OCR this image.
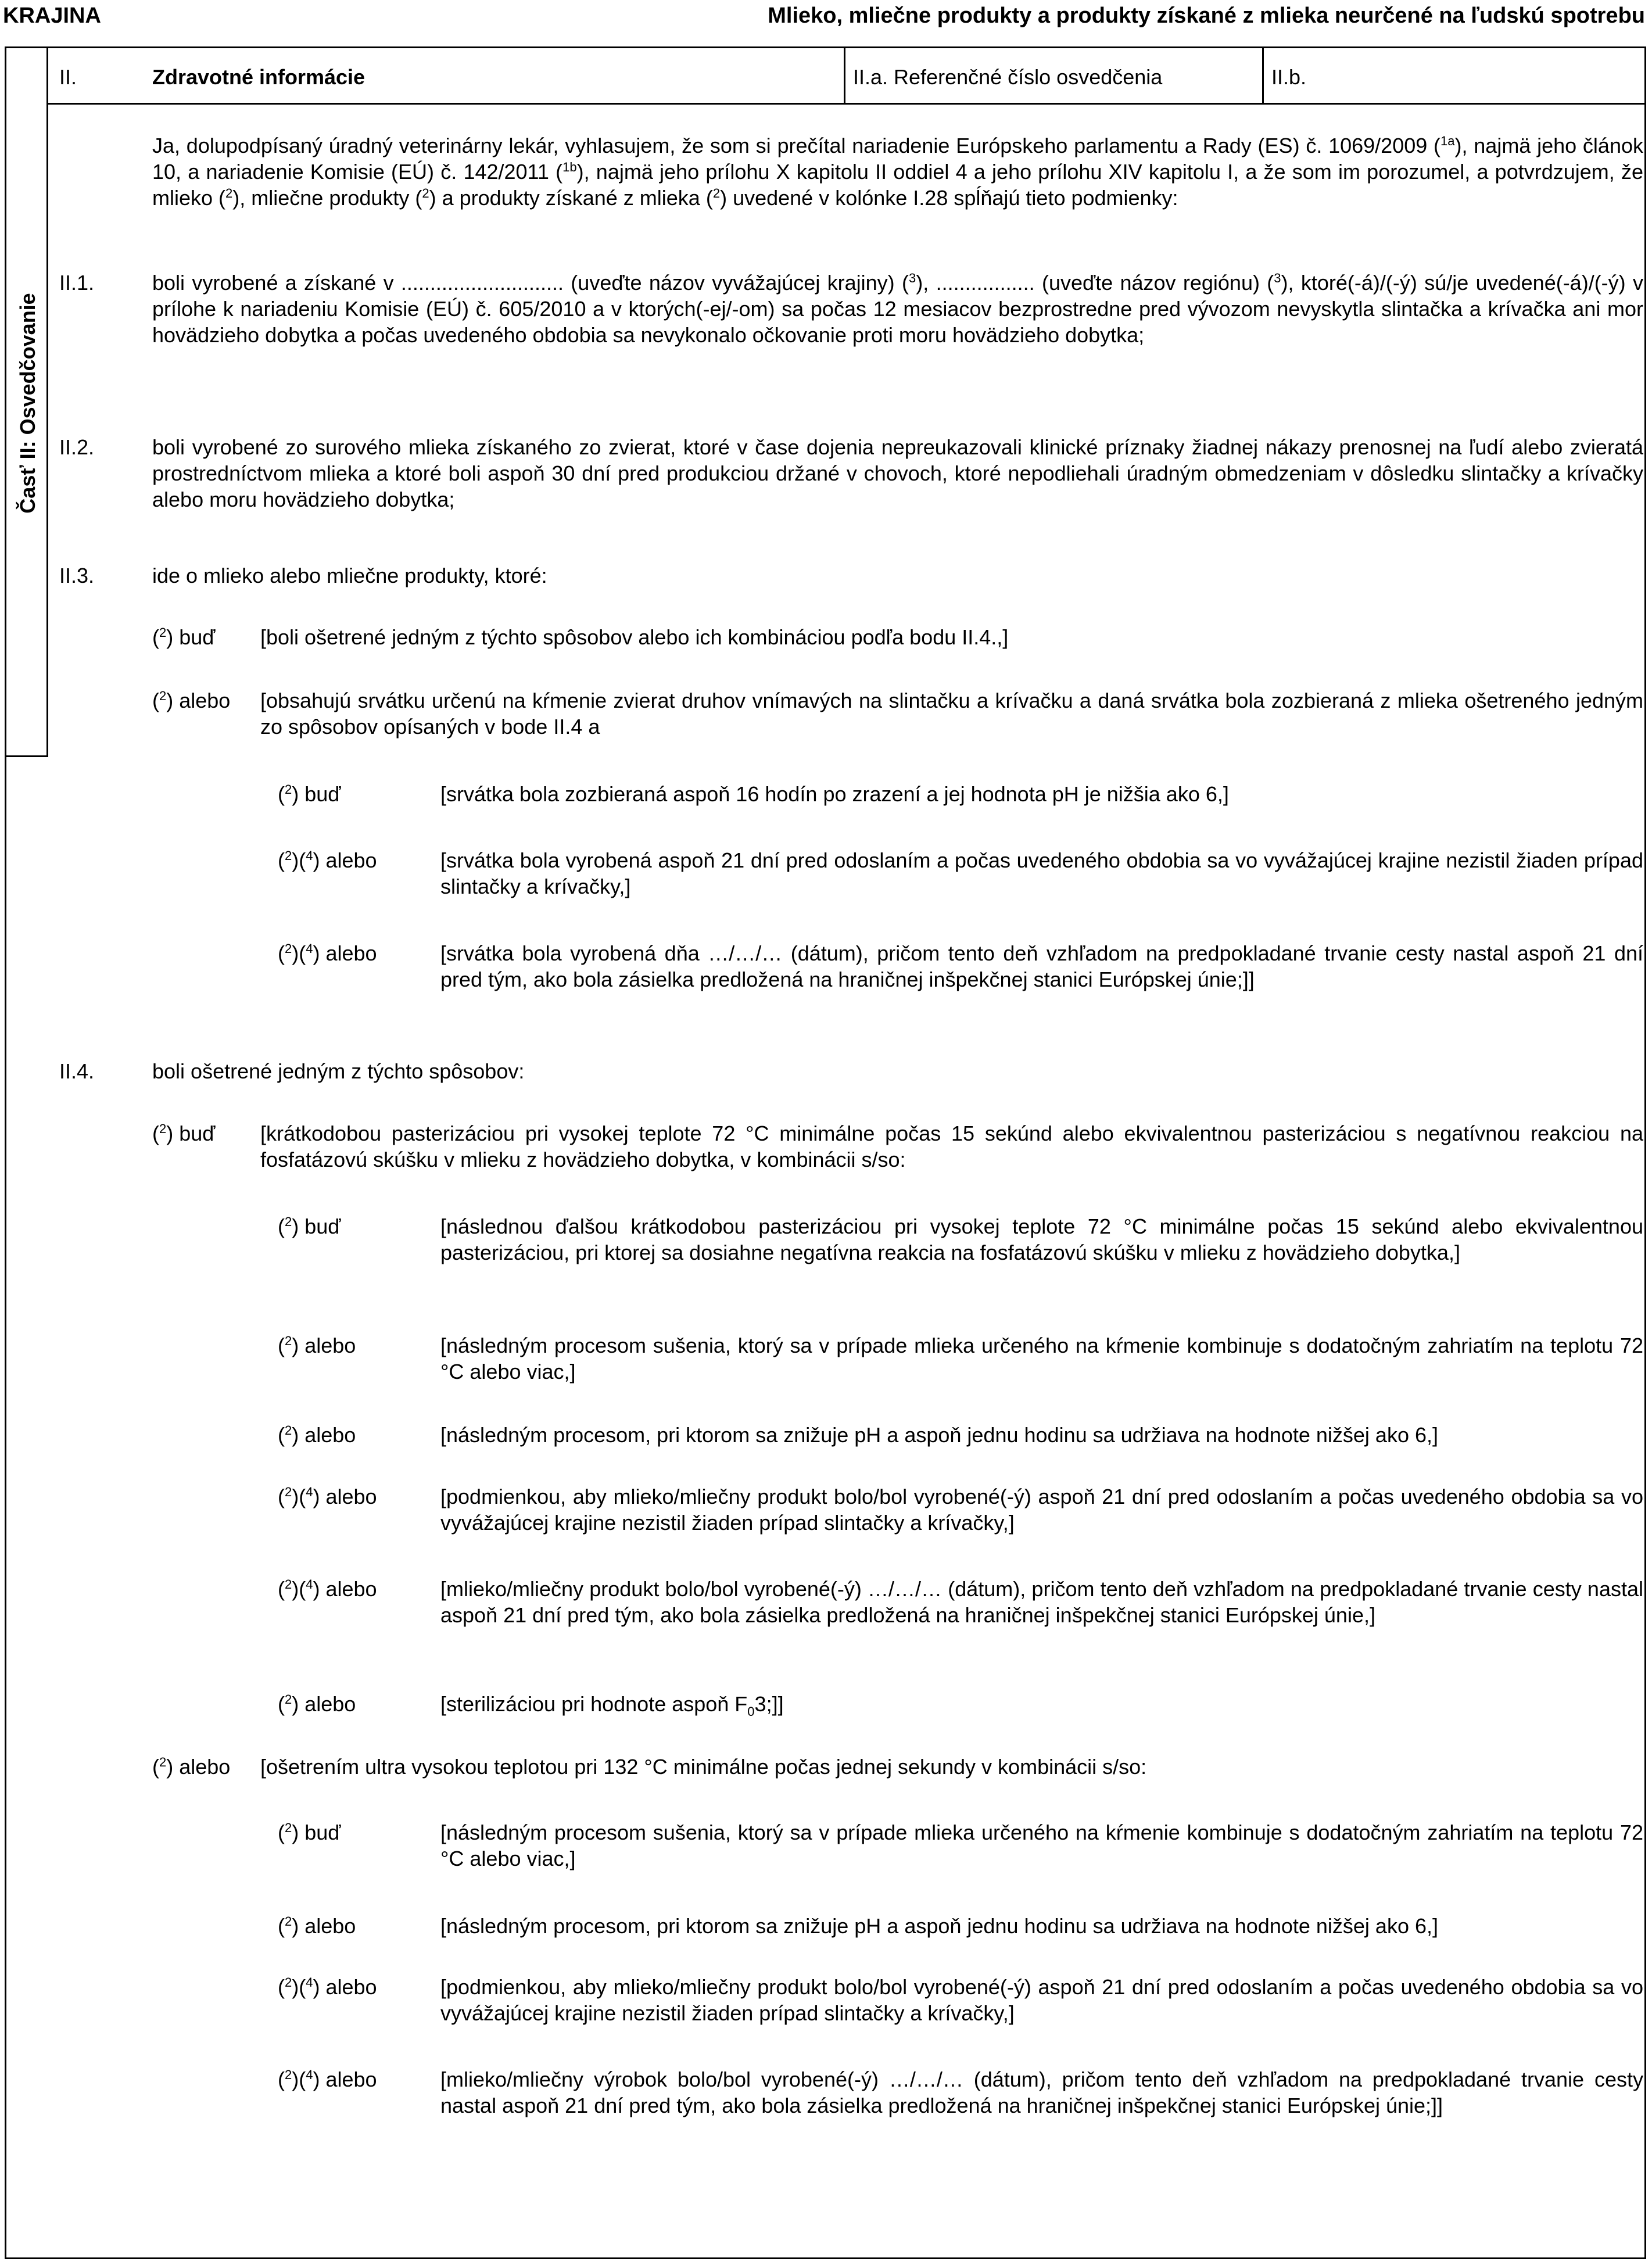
KRAJINA	Mlieko, mliečne produkty a produkty získané z mlieka neurčené na ľudskú spotrebu
Časť II: Osvedčovanie
II.	Zdravotné informácie	II.a. Referenčné číslo osvedčenia	II.b.
Ja, dolupodpísaný úradný veterinárny lekár, vyhlasujem, že som si prečítal nariadenie Európskeho parlamentu a Rady (ES) č. 1069/2009 ($^{1a}$), najmä jeho článok 10, a nariadenie Komisie (EÚ) č. 142/2011 ($^{1b}$), najmä jeho prílohu X kapitolu II oddiel 4 a jeho prílohu XIV kapitolu I, a že som im porozumel, a potvrdzujem, že mlieko ($^2$), mliečne produkty ($^2$) a produkty získané z mlieka ($^2$) uvedené v kolónke I.28 spĺňajú tieto podmienky:
II.1.	boli vyrobené a získané v ............................ (uveďte názov vyvážajúcej krajiny) ($^3$), ................. (uveďte názov regiónu) ($^3$), ktoré(-á)/(-ý) sú/je uvedené(-á)/(-ý) v prílohe k nariadeniu Komisie (EÚ) č. 605/2010 a v ktorých(-ej/-om) sa počas 12 mesiacov bezprostredne pred vývozom nevyskytla slintačka a krívačka ani mor hovädzieho dobytka a počas uvedeného obdobia sa nevykonalo očkovanie proti moru hovädzieho dobytka;
II.2.	boli vyrobené zo surového mlieka získaného zo zvierat, ktoré v čase dojenia nepreukazovali klinické príznaky žiadnej nákazy prenosnej na ľudí alebo zvieratá prostredníctvom mlieka a ktoré boli aspoň 30 dní pred produkciou držané v chovoch, ktoré nepodliehali úradným obmedzeniam v dôsledku slintačky a krívačky alebo moru hovädzieho dobytka;
II.3.	ide o mlieko alebo mliečne produkty, ktoré:
($^2$) buď [boli ošetrené jedným z týchto spôsobov alebo ich kombináciou podľa bodu II.4.,]
($^2$) alebo [obsahujú srvátku určenú na kŕmenie zvierat druhov vnímavých na slintačku a krívačku a daná srvátka bola zozbieraná z mlieka ošetreného jedným zo spôsobov opísaných v bode II.4 a
($^2$) buď	[srvátka bola zozbieraná aspoň 16 hodín po zrazení a jej hodnota pH je nižšia ako 6,]
($^2$)($^4$) alebo	[srvátka bola vyrobená aspoň 21 dní pred odoslaním a počas uvedeného obdobia sa vo vyvážajúcej krajine nezistil žiaden prípad slintačky a krívačky,]
($^2$)($^4$) alebo	[srvátka bola vyrobená dňa …/…/… (dátum), pričom tento deň vzhľadom na predpokladané trvanie cesty nastal aspoň 21 dní pred tým, ako bola zásielka predložená na hraničnej inšpekčnej stanici Európskej únie;]]
II.4.	boli ošetrené jedným z týchto spôsobov:
($^2$) buď [krátkodobou pasterizáciou pri vysokej teplote 72 °C minimálne počas 15 sekúnd alebo ekvivalentnou pasterizáciou s negatívnou reakciou na fosfatázovú skúšku v mlieku z hovädzieho dobytka, v kombinácii s/so:
($^2$) buď	[následnou ďalšou krátkodobou pasterizáciou pri vysokej teplote 72 °C minimálne počas 15 sekúnd alebo ekvivalentnou pasterizáciou, pri ktorej sa dosiahne negatívna reakcia na fosfatázovú skúšku v mlieku z hovädzieho dobytka,]
($^2$) alebo	[následným procesom sušenia, ktorý sa v prípade mlieka určeného na kŕmenie kombinuje s dodatočným zahriatím na teplotu 72 °C alebo viac,]
($^2$) alebo	[následným procesom, pri ktorom sa znižuje pH a aspoň jednu hodinu sa udržiava na hodnote nižšej ako 6,]
($^2$)($^4$) alebo	[podmienkou, aby mlieko/mliečny produkt bolo/bol vyrobené(-ý) aspoň 21 dní pred odoslaním a počas uvedeného obdobia sa vo vyvážajúcej krajine nezistil žiaden prípad slintačky a krívačky,]
($^2$)($^4$) alebo	[mlieko/mliečny produkt bolo/bol vyrobené(-ý) …/…/… (dátum), pričom tento deň vzhľadom na predpokladané trvanie cesty nastal aspoň 21 dní pred tým, ako bola zásielka predložená na hraničnej inšpekčnej stanici Európskej únie,]
($^2$) alebo	[sterilizáciou pri hodnote aspoň $F_03$;]]
($^2$) alebo [ošetrením ultra vysokou teplotou pri 132 °C minimálne počas jednej sekundy v kombinácii s/so:
($^2$) buď	[následným procesom sušenia, ktorý sa v prípade mlieka určeného na kŕmenie kombinuje s dodatočným zahriatím na teplotu 72 °C alebo viac,]
($^2$) alebo	[následným procesom, pri ktorom sa znižuje pH a aspoň jednu hodinu sa udržiava na hodnote nižšej ako 6,]
($^2$)($^4$) alebo	[podmienkou, aby mlieko/mliečny produkt bolo/bol vyrobené(-ý) aspoň 21 dní pred odoslaním a počas uvedeného obdobia sa vo vyvážajúcej krajine nezistil žiaden prípad slintačky a krívačky,]
($^2$)($^4$) alebo	[mlieko/mliečny výrobok bolo/bol vyrobené(-ý) …/…/… (dátum), pričom tento deň vzhľadom na predpokladané trvanie cesty nastal aspoň 21 dní pred tým, ako bola zásielka predložená na hraničnej inšpekčnej stanici Európskej únie;]]
